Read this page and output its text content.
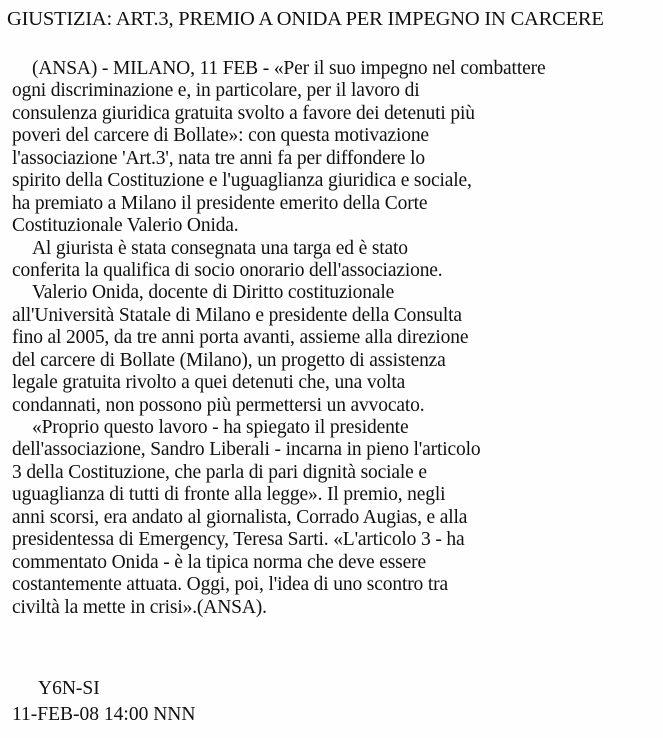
GIUSTIZIA: ART.3, PREMIO A ONIDA PER IMPEGNO IN CARCERE
(ANSA) - MILANO, 11 FEB - «Per il suo impegno nel combattere
ogni discriminazione e, in particolare, per il lavoro di
consulenza giuridica gratuita svolto a favore dei detenuti più
poveri del carcere di Bollate»: con questa motivazione
l'associazione 'Art.3', nata tre anni fa per diffondere lo
spirito della Costituzione e l'uguaglianza giuridica e sociale,
ha premiato a Milano il presidente emerito della Corte
Costituzionale Valerio Onida.
Al giurista è stata consegnata una targa ed è stato
conferita la qualifica di socio onorario dell'associazione.
Valerio Onida, docente di Diritto costituzionale
all'Università Statale di Milano e presidente della Consulta
fino al 2005, da tre anni porta avanti, assieme alla direzione
del carcere di Bollate (Milano), un progetto di assistenza
legale gratuita rivolto a quei detenuti che, una volta
condannati, non possono più permettersi un avvocato.
«Proprio questo lavoro - ha spiegato il presidente
dell'associazione, Sandro Liberali - incarna in pieno l'articolo
3 della Costituzione, che parla di pari dignità sociale e
uguaglianza di tutti di fronte alla legge». Il premio, negli
anni scorsi, era andato al giornalista, Corrado Augias, e alla
presidentessa di Emergency, Teresa Sarti. «L'articolo 3 - ha
commentato Onida - è la tipica norma che deve essere
costantemente attuata. Oggi, poi, l'idea di uno scontro tra
civiltà la mette in crisi».(ANSA).
Y6N-SI
11-FEB-08 14:00 NNN
